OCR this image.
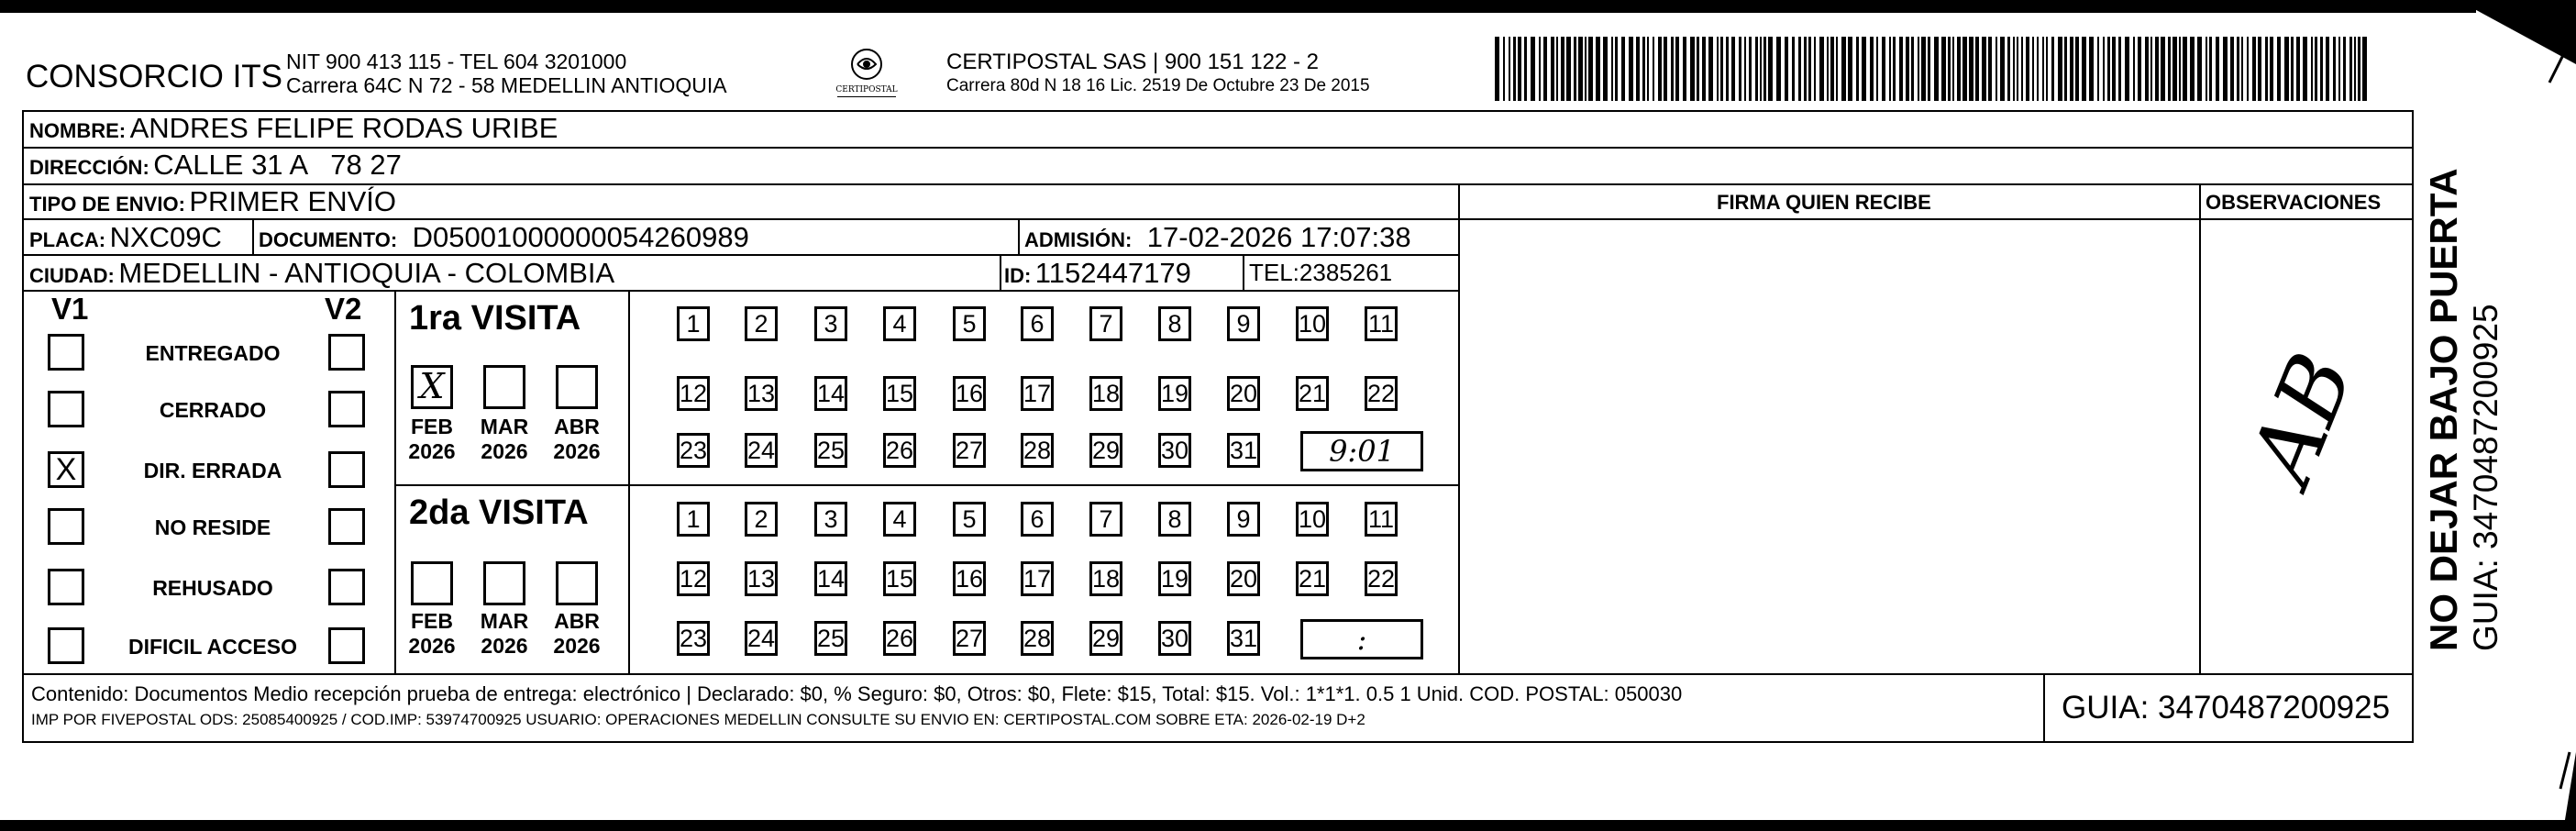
CONSORCIO ITS NIT 900 413 115 - TEL 604 3201000
Carrera 64C N 72 - 58 MEDELLIN ANTIOQUIA	CERTIPOSTAL
CERTIPOSTAL SAS | 900 151 122 - 2
Carrera 80d N 18 16 Lic. 2519 De Octubre 23 De 2015
NOMBRE: ANDRES FELIPE RODAS URIBE
DIRECCIÓN: CALLE 31 A   78 27
TIPO DE ENVIO: PRIMER ENVÍO	FIRMA QUIEN RECIBE	OBSERVACIONES
PLACA: NXC09C DOCUMENTO: D05001000000054260989	ADMISIÓN: 17-02-2026 17:07:38
CIUDAD: MEDELLIN - ANTIOQUIA - COLOMBIA	ID: 1152447179 TEL:2385261
V1	V2
ENTREGADO
CERRADO
X	DIR. ERRADA
NO RESIDE
REHUSADO
DIFICIL ACCESO
1ra VISITA
X
FEB
2026
MAR
2026
ABR
2026
1	2	3	4	5	6	7	8	9	10 11
12 13 14 15 16 17 18 19 20 21 22
23 24 25 26 27 28 29 30 31	9:01
2da VISITA
FEB
2026
MAR
2026
ABR
2026
1	2	3	4	5	6	7	8	9	10 11
12 13 14 15 16 17 18 19 20 21 22
23 24 25 26 27 28 29 30 31	:
AB
Contenido: Documentos Medio recepción prueba de entrega: electrónico | Declarado: $0, % Seguro: $0, Otros: $0, Flete: $15, Total: $15. Vol.: 1*1*1. 0.5 1 Unid. COD. POSTAL: 050030
IMP POR FIVEPOSTAL ODS: 25085400925 / COD.IMP: 53974700925 USUARIO: OPERACIONES MEDELLIN CONSULTE SU ENVIO EN: CERTIPOSTAL.COM SOBRE ETA: 2026-02-19 D+2	GUIA: 3470487200925
NO DEJAR BAJO PUERTA GUIA: 3470487200925
